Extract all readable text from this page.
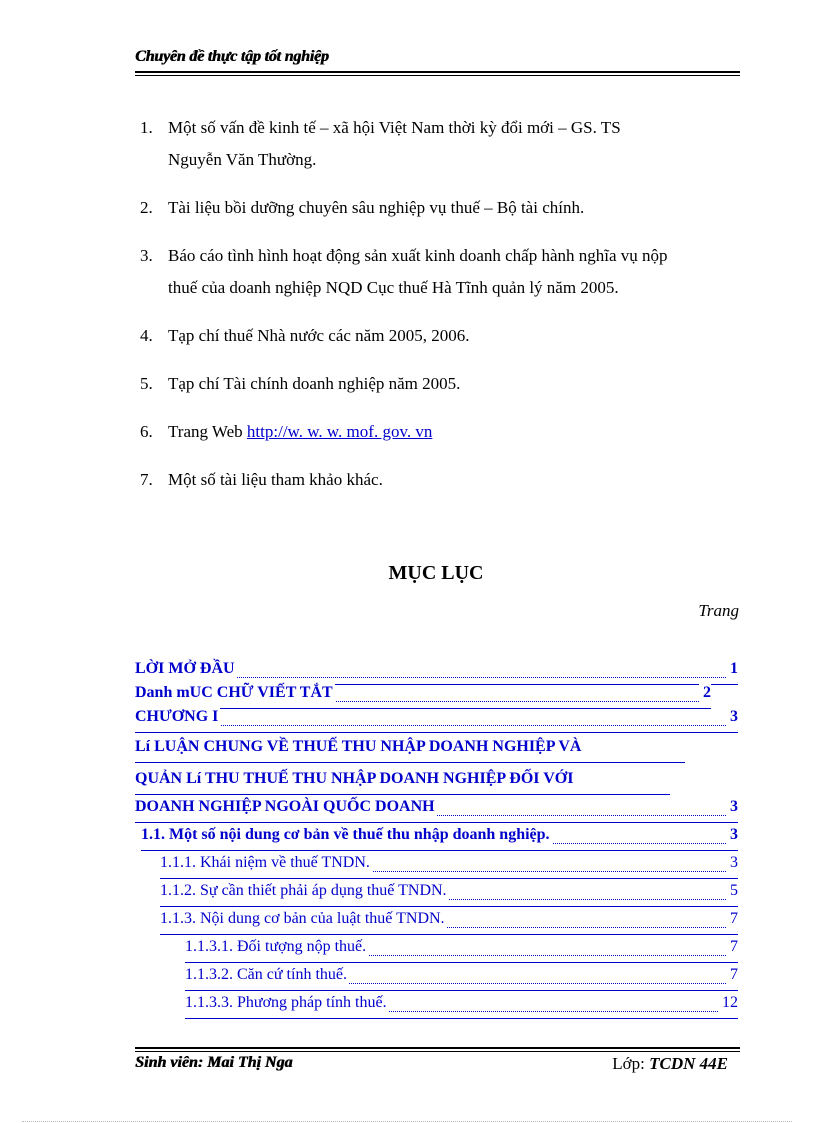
Chuyên đề thực tập tốt nghiệp
1. Một số vấn đề kinh tế – xã hội Việt Nam thời kỳ đổi mới – GS. TS
Nguyễn Văn Thường.
2. Tài liệu bồi dưỡng chuyên sâu nghiệp vụ thuế – Bộ tài chính.
3. Báo cáo tình hình hoạt động sản xuất kinh doanh chấp hành nghĩa vụ nộp
thuế của doanh nghiệp NQD Cục thuế Hà Tĩnh quản lý năm 2005.
4. Tạp chí thuế Nhà nước các năm 2005, 2006.
5. Tạp chí Tài chính doanh nghiệp năm 2005.
6. Trang Web http://w. w. w. mof. gov. vn
7. Một số tài liệu tham khảo khác.
MỤC LỤC
Trang
LỜI MỞ ĐẦU	1
Danh mUC CHỮ VIẾT TẮT	2
CHƯƠNG I	3
Lí LUẬN CHUNG VỀ THUẾ THU NHẬP DOANH NGHIỆP VÀ
QUẢN Lí THU THUẾ THU NHẬP DOANH NGHIỆP ĐỐI VỚI
DOANH NGHIỆP NGOÀI QUỐC DOANH	3
1.1. Một số nội dung cơ bản về thuế thu nhập doanh nghiệp.	3
1.1.1. Khái niệm về thuế TNDN.	3
1.1.2. Sự cần thiết phải áp dụng thuế TNDN.	5
1.1.3. Nội dung cơ bản của luật thuế TNDN.	7
1.1.3.1. Đối tượng nộp thuế.	7
1.1.3.2. Căn cứ tính thuế.	7
1.1.3.3. Phương pháp tính thuế.	12
Sinh viên: Mai Thị Nga	Lớp: TCDN 44E
